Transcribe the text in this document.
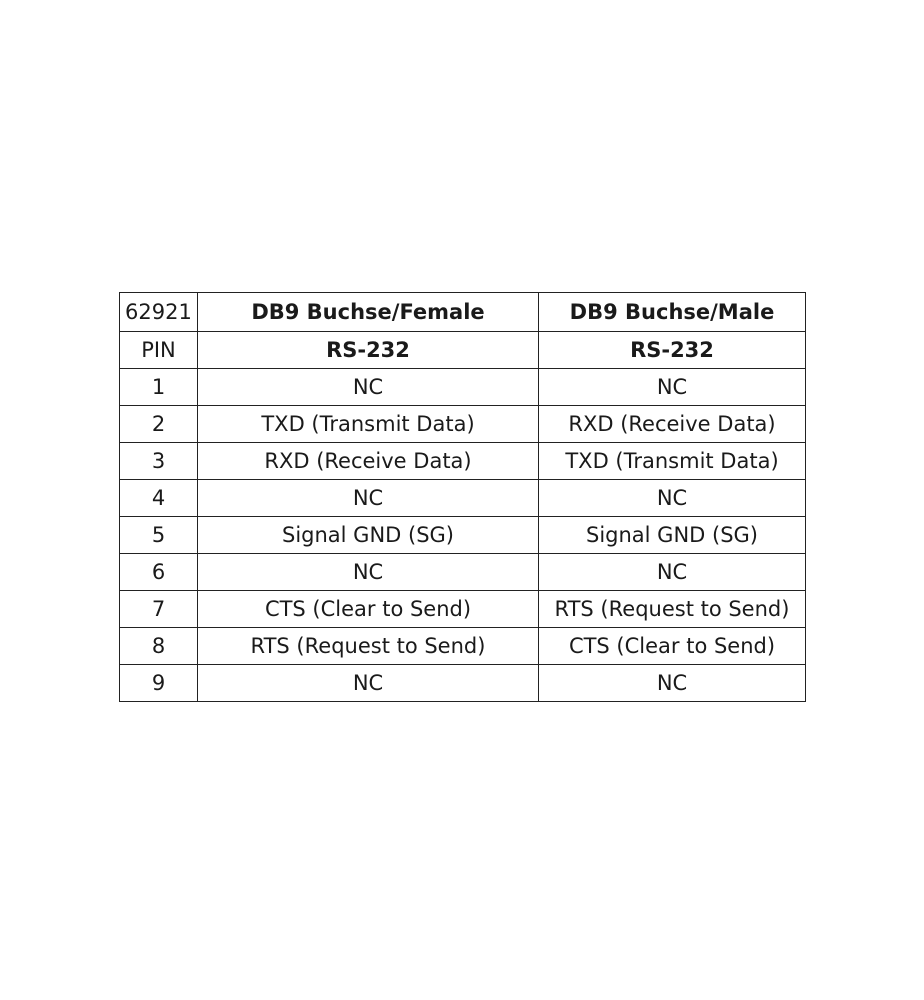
62921	DB9 Buchse/Female	DB9 Buchse/Male
PIN	RS-232	RS-232
1	NC	NC
2	TXD (Transmit Data)	RXD (Receive Data)
3	RXD (Receive Data)	TXD (Transmit Data)
4	NC	NC
5	Signal GND (SG)	Signal GND (SG)
6	NC	NC
7	CTS (Clear to Send)	RTS (Request to Send)
8	RTS (Request to Send)	CTS (Clear to Send)
9	NC	NC
